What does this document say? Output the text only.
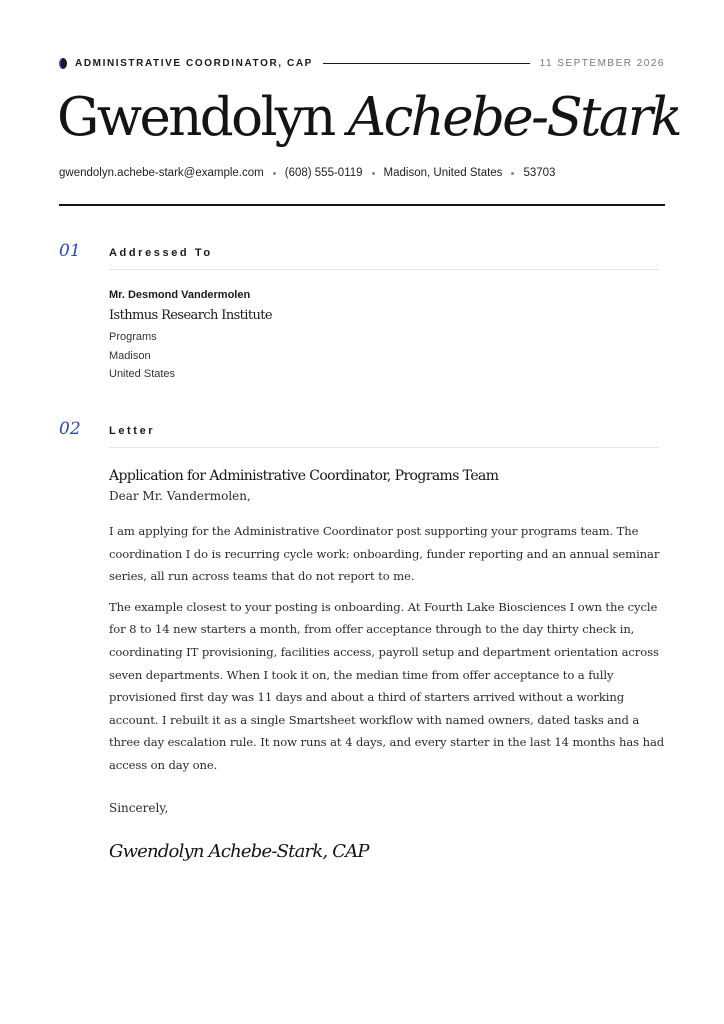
ADMINISTRATIVE COORDINATOR, CAP	11 SEPTEMBER 2026
Gwendolyn Achebe-Stark
gwendolyn.achebe-stark@example.com (608) 555-0119 Madison, United States 53703
01	Addressed To
Mr. Desmond Vandermolen
Isthmus Research Institute
Programs
Madison
United States
02	Letter
Application for Administrative Coordinator, Programs Team
Dear Mr. Vandermolen,

I am applying for the Administrative Coordinator post supporting your programs team. The coordination I do is recurring cycle work: onboarding, funder reporting and an annual seminar series, all run across teams that do not report to me.

The example closest to your posting is onboarding. At Fourth Lake Biosciences I own the cycle for 8 to 14 new starters a month, from offer acceptance through to the day thirty check in, coordinating IT provisioning, facilities access, payroll setup and department orientation across seven departments. When I took it on, the median time from offer acceptance to a fully provisioned first day was 11 days and about a third of starters arrived without a working account. I rebuilt it as a single Smartsheet workflow with named owners, dated tasks and a three day escalation rule. It now runs at 4 days, and every starter in the last 14 months has had access on day one.

Sincerely,
Gwendolyn Achebe-Stark, CAP
